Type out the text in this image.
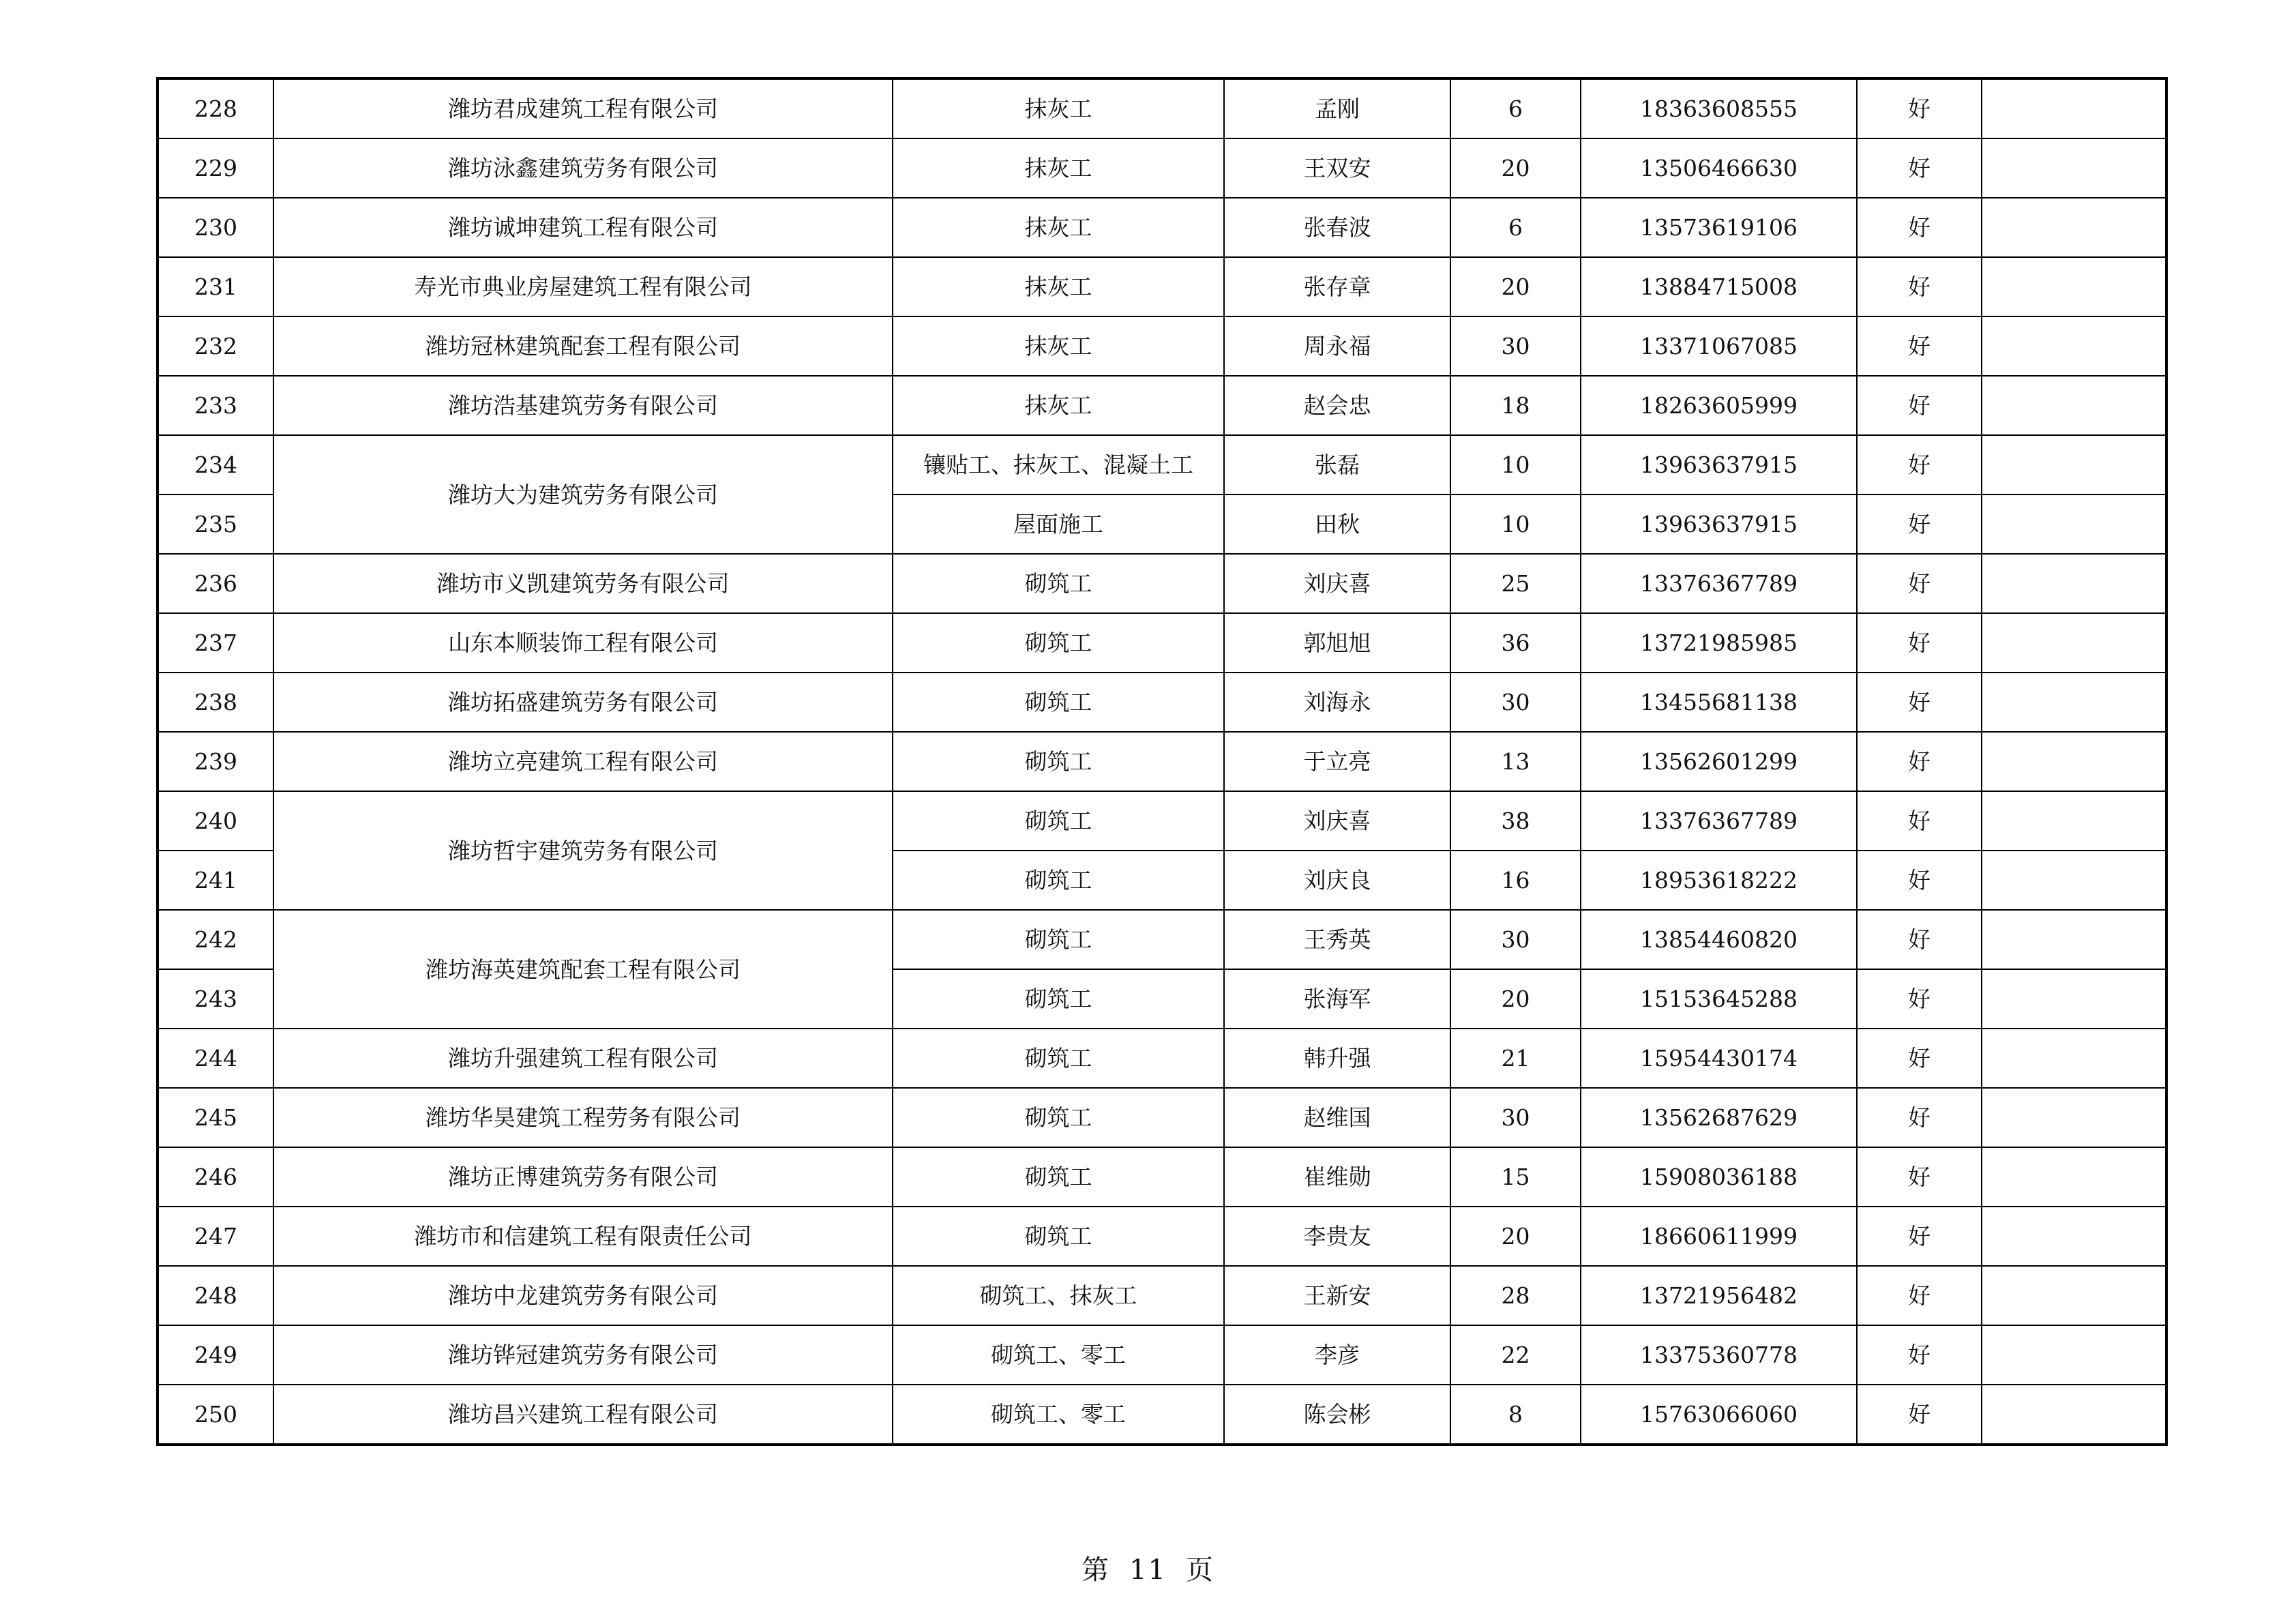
228	潍坊君成建筑工程有限公司	抹灰工	孟刚	6	18363608555	好	
229	潍坊泳鑫建筑劳务有限公司	抹灰工	王双安	20	13506466630	好	
230	潍坊诚坤建筑工程有限公司	抹灰工	张春波	6	13573619106	好	
231	寿光市典业房屋建筑工程有限公司	抹灰工	张存章	20	13884715008	好	
232	潍坊冠林建筑配套工程有限公司	抹灰工	周永福	30	13371067085	好	
233	潍坊浩基建筑劳务有限公司	抹灰工	赵会忠	18	18263605999	好	
234	潍坊大为建筑劳务有限公司	镶贴工、抹灰工、混凝土工	张磊	10	13963637915	好	
235		屋面施工	田秋	10	13963637915	好	
236	潍坊市义凯建筑劳务有限公司	砌筑工	刘庆喜	25	13376367789	好	
237	山东本顺装饰工程有限公司	砌筑工	郭旭旭	36	13721985985	好	
238	潍坊拓盛建筑劳务有限公司	砌筑工	刘海永	30	13455681138	好	
239	潍坊立亮建筑工程有限公司	砌筑工	于立亮	13	13562601299	好	
240	潍坊哲宇建筑劳务有限公司	砌筑工	刘庆喜	38	13376367789	好	
241		砌筑工	刘庆良	16	18953618222	好	
242	潍坊海英建筑配套工程有限公司	砌筑工	王秀英	30	13854460820	好	
243		砌筑工	张海军	20	15153645288	好	
244	潍坊升强建筑工程有限公司	砌筑工	韩升强	21	15954430174	好	
245	潍坊华昊建筑工程劳务有限公司	砌筑工	赵维国	30	13562687629	好	
246	潍坊正博建筑劳务有限公司	砌筑工	崔维勋	15	15908036188	好	
247	潍坊市和信建筑工程有限责任公司	砌筑工	李贵友	20	18660611999	好	
248	潍坊中龙建筑劳务有限公司	砌筑工、抹灰工	王新安	28	13721956482	好	
249	潍坊铧冠建筑劳务有限公司	砌筑工、零工	李彦	22	13375360778	好	
250	潍坊昌兴建筑工程有限公司	砌筑工、零工	陈会彬	8	15763066060	好	
第 11 页
